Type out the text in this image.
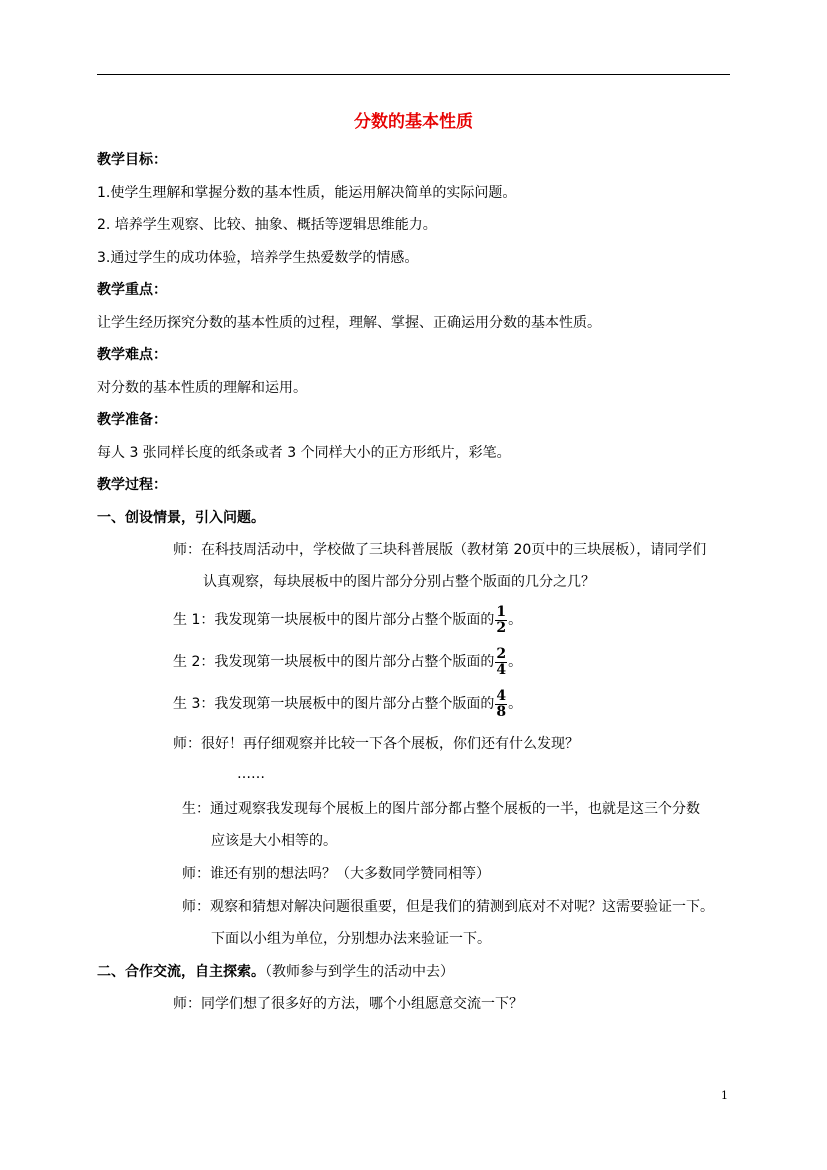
分数的基本性质
教学目标：
1.使学生理解和掌握分数的基本性质，能运用解决简单的实际问题。
2. 培养学生观察、比较、抽象、概括等逻辑思维能力。
3.通过学生的成功体验，培养学生热爱数学的情感。
教学重点：
让学生经历探究分数的基本性质的过程，理解、掌握、正确运用分数的基本性质。
教学难点：
对分数的基本性质的理解和运用。
教学准备：
每人 3 张同样长度的纸条或者 3 个同样大小的正方形纸片，彩笔。
教学过程：
一、创设情景，引入问题。
师：在科技周活动中，学校做了三块科普展版（教材第 20页中的三块展板），请同学们
认真观察，每块展板中的图片部分分别占整个版面的几分之几？
生 1：我发现第一块展板中的图片部分占整个版面的 $\frac{1}{2}$ 。
生 2：我发现第一块展板中的图片部分占整个版面的 $\frac{2}{4}$ 。
生 3：我发现第一块展板中的图片部分占整个版面的 $\frac{4}{8}$ 。
师：很好！再仔细观察并比较一下各个展板，你们还有什么发现？
……
生：通过观察我发现每个展板上的图片部分都占整个展板的一半，也就是这三个分数
应该是大小相等的。
师：谁还有别的想法吗？（大多数同学赞同相等）
师：观察和猜想对解决问题很重要，但是我们的猜测到底对不对呢？这需要验证一下。
下面以小组为单位，分别想办法来验证一下。
二、合作交流，自主探索。（教师参与到学生的活动中去）
师：同学们想了很多好的方法，哪个小组愿意交流一下？
1
